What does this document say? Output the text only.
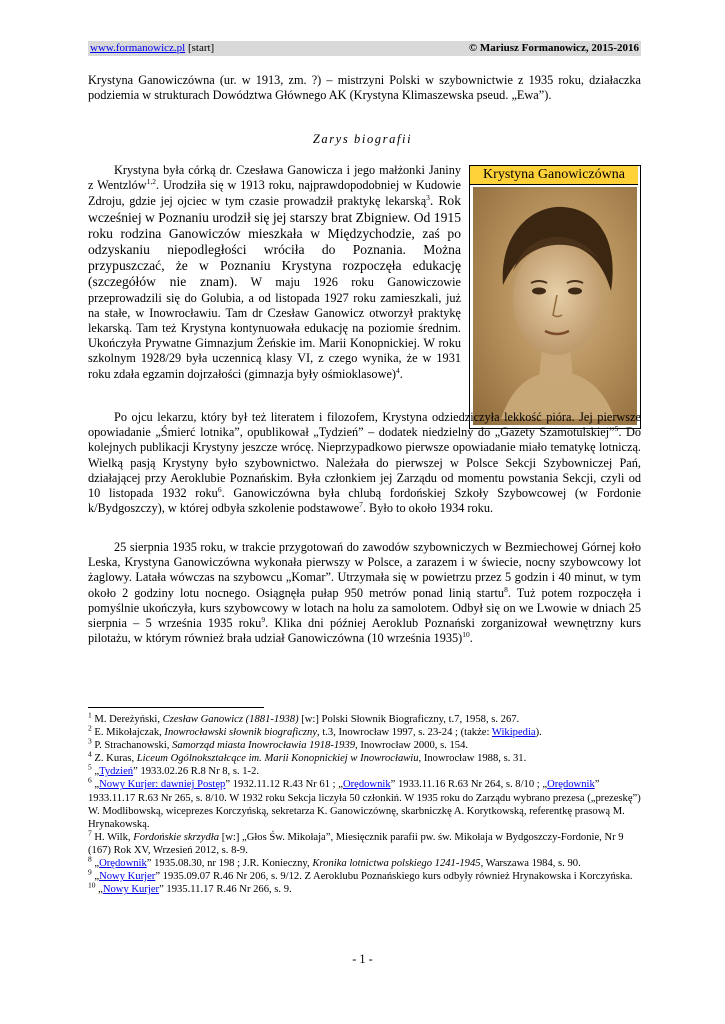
www.formanowicz.pl [start]	© Mariusz Formanowicz, 2015-2016
Krystyna Ganowiczówna (ur. w 1913, zm. ?) – mistrzyni Polski w szybownictwie z 1935 roku, działaczka podziemia w strukturach Dowództwa Głównego AK (Krystyna Klimaszewska pseud. „Ewa”).
Zarys biografii
Krystyna była córką dr. Czesława Ganowicza i jego małżonki Janiny z Wentzlów$^{1,2}$. Urodziła się w 1913 roku, najprawdopodobniej w Kudowie Zdroju, gdzie jej ojciec w tym czasie prowadził praktykę lekarską$^3$. Rok wcześniej w Poznaniu urodził się jej starszy brat Zbigniew. Od 1915 roku rodzina Ganowiczów mieszkała w Międzychodzie, zaś po odzyskaniu niepodległości wróciła do Poznania. Można przypuszczać, że w Poznaniu Krystyna rozpoczęła edukację (szczegółów nie znam). W maju 1926 roku Ganowiczowie przeprowadzili się do Golubia, a od listopada 1927 roku zamieszkali, już na stałe, w Inowrocławiu. Tam dr Czesław Ganowicz otworzył praktykę lekarską. Tam też Krystyna kontynuowała edukację na poziomie średnim. Ukończyła Prywatne Gimnazjum Żeńskie im. Marii Konopnickiej. W roku szkolnym 1928/29 była uczennicą klasy VI, z czego wynika, że w 1931 roku zdała egzamin dojrzałości (gimnazja były ośmioklasowe)$^4$.
Krystyna Ganowiczówna
Po ojcu lekarzu, który był też literatem i filozofem, Krystyna odziedziczyła lekkość pióra. Jej pierwsze opowiadanie „Śmierć lotnika”, opublikował „Tydzień” – dodatek niedzielny do „Gazety Szamotulskiej”$^5$. Do kolejnych publikacji Krystyny jeszcze wrócę. Nieprzypadkowo pierwsze opowiadanie miało tematykę lotniczą. Wielką pasją Krystyny było szybownictwo. Należała do pierwszej w Polsce Sekcji Szybowniczej Pań, działającej przy Aeroklubie Poznańskim. Była członkiem jej Zarządu od momentu powstania Sekcji, czyli od 10 listopada 1932 roku$^6$. Ganowiczówna była chlubą fordońskiej Szkoły Szybowcowej (w Fordonie k/Bydgoszczy), w której odbyła szkolenie podstawowe$^7$. Było to około 1934 roku.
25 sierpnia 1935 roku, w trakcie przygotowań do zawodów szybowniczych w Bezmiechowej Górnej koło Leska, Krystyna Ganowiczówna wykonała pierwszy w Polsce, a zarazem i w świecie, nocny szybowcowy lot żaglowy. Latała wówczas na szybowcu „Komar”. Utrzymała się w powietrzu przez 5 godzin i 40 minut, w tym około 2 godziny lotu nocnego. Osiągnęła pułap 950 metrów ponad linią startu$^8$. Tuż potem rozpoczęła i pomyślnie ukończyła, kurs szybowcowy w lotach na holu za samolotem. Odbył się on we Lwowie w dniach 25 sierpnia – 5 września 1935 roku$^9$. Klika dni później Aeroklub Poznański zorganizował wewnętrzny kurs pilotażu, w którym również brała udział Ganowiczówna (10 września 1935)$^{10}$.

$^1$ M. Dereżyński, Czesław Ganowicz (1881-1938) [w:] Polski Słownik Biograficzny, t.7, 1958, s. 267.

$^2$ E. Mikołajczak, Inowrocławski słownik biograficzny, t.3, Inowrocław 1997, s. 23-24 ; (także: Wikipedia).

$^3$ P. Strachanowski, Samorząd miasta Inowrocławia 1918-1939, Inowrocław 2000, s. 154.

$^4$ Z. Kuras, Liceum Ogólnokształcące im. Marii Konopnickiej w Inowrocławiu, Inowrocław 1988, s. 31.

$^5$ „Tydzień” 1933.02.26 R.8 Nr 8, s. 1-2.

$^6$ „Nowy Kurjer: dawniej Postęp” 1932.11.12 R.43 Nr 61 ; „Orędownik” 1933.11.16 R.63 Nr 264, s. 8/10 ; „Orędownik” 1933.11.17 R.63 Nr 265, s. 8/10. W 1932 roku Sekcja liczyła 50 członkiń. W 1935 roku do Zarządu wybrano prezesa („prezeskę”) W. Modlibowską, wiceprezes Korczyńską, sekretarza K. Ganowiczównę, skarbniczkę A. Korytkowską, referentkę prasową M. Hrynakowską.

$^7$ H. Wilk, Fordońskie skrzydła [w:] „Głos Św. Mikołaja”, Miesięcznik parafii pw. św. Mikołaja w Bydgoszczy-Fordonie, Nr 9 (167) Rok XV, Wrzesień 2012, s. 8-9.

$^8$ „Orędownik” 1935.08.30, nr 198 ; J.R. Konieczny, Kronika lotnictwa polskiego 1241-1945, Warszawa 1984, s. 90.

$^9$ „Nowy Kurjer” 1935.09.07 R.46 Nr 206, s. 9/12. Z Aeroklubu Poznańskiego kurs odbyły również Hrynakowska i Korczyńska.

$^{10}$ „Nowy Kurjer” 1935.11.17 R.46 Nr 266, s. 9.

- 1 -
